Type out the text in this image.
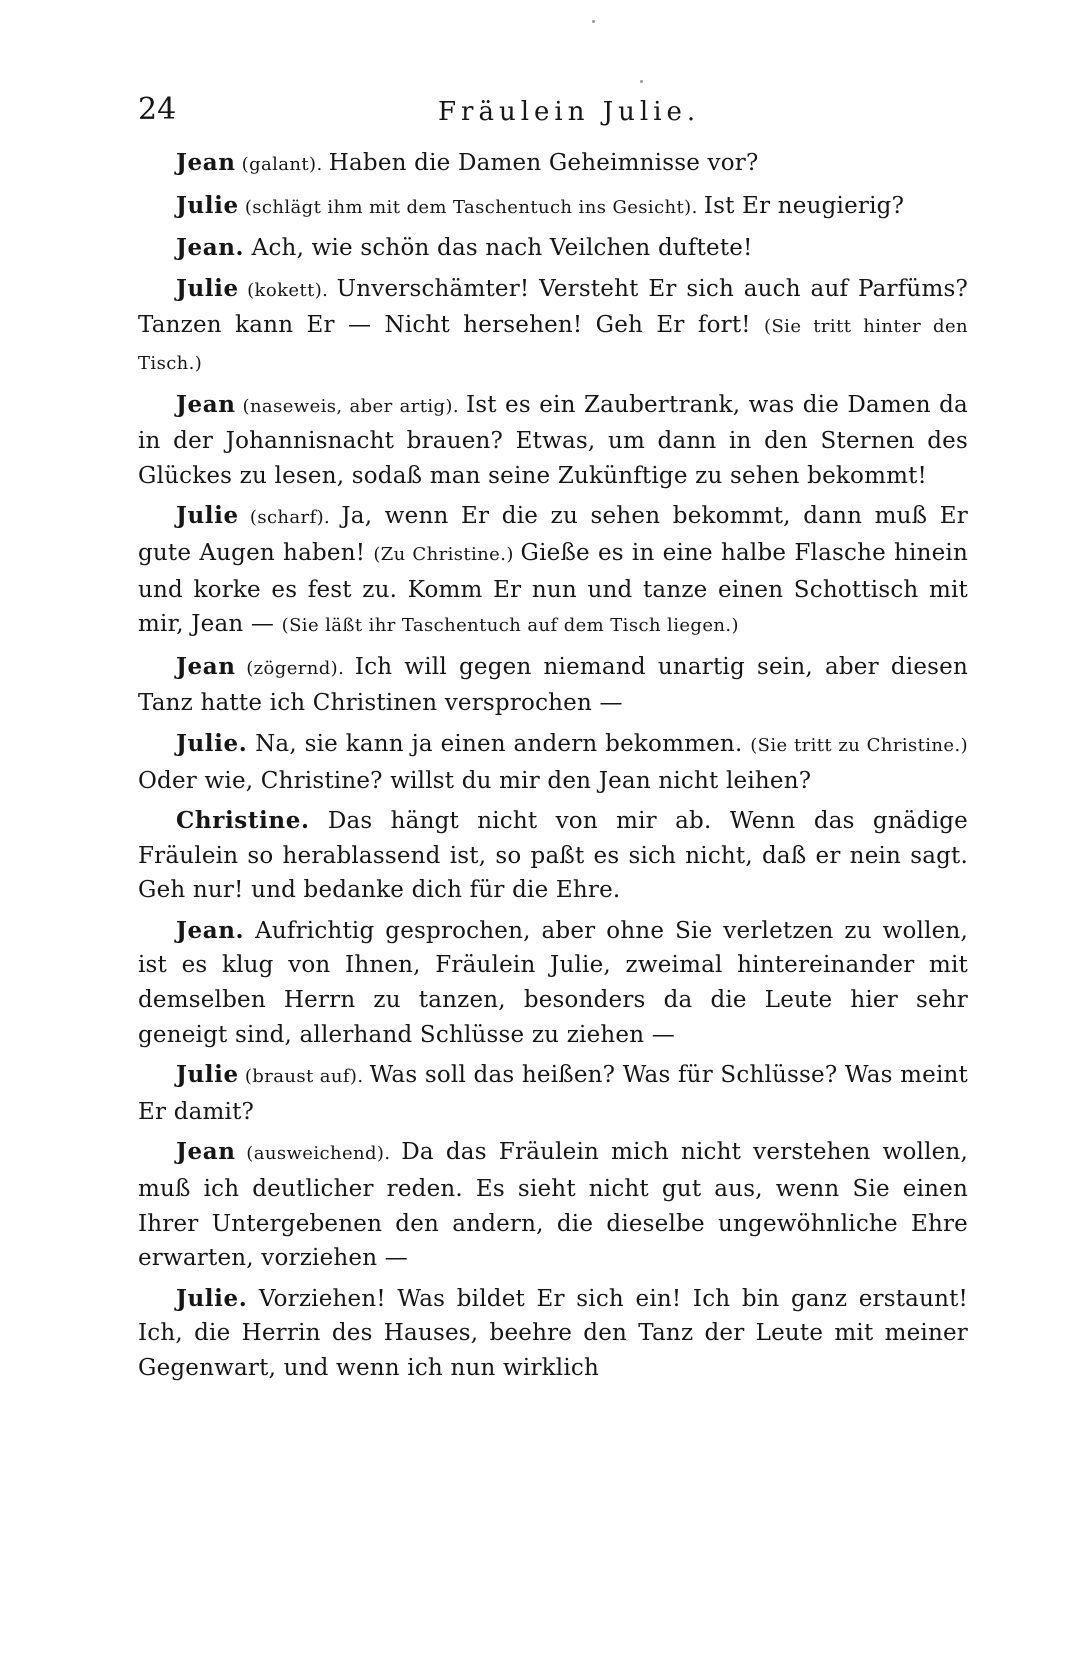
24	Fräulein Julie.

Jean (galant). Haben die Damen Geheimnisse vor?

Julie (schlägt ihm mit dem Taschentuch ins Gesicht). Ist Er neugierig?

Jean. Ach, wie schön das nach Veilchen duftete!

Julie (kokett). Unverschämter! Versteht Er sich auch auf Parfüms? Tanzen kann Er — Nicht hersehen! Geh Er fort! (Sie tritt hinter den Tisch.)

Jean (naseweis, aber artig). Ist es ein Zaubertrank, was die Damen da in der Johannisnacht brauen? Etwas, um dann in den Sternen des Glückes zu lesen, sodaß man seine Zukünftige zu sehen bekommt!

Julie (scharf). Ja, wenn Er die zu sehen bekommt, dann muß Er gute Augen haben! (Zu Christine.) Gieße es in eine halbe Flasche hinein und korke es fest zu. Komm Er nun und tanze einen Schottisch mit mir, Jean — (Sie läßt ihr Taschentuch auf dem Tisch liegen.)

Jean (zögernd). Ich will gegen niemand unartig sein, aber diesen Tanz hatte ich Christinen versprochen —

Julie. Na, sie kann ja einen andern bekommen. (Sie tritt zu Christine.) Oder wie, Christine? willst du mir den Jean nicht leihen?

Christine. Das hängt nicht von mir ab. Wenn das gnädige Fräulein so herablassend ist, so paßt es sich nicht, daß er nein sagt. Geh nur! und bedanke dich für die Ehre.

Jean. Aufrichtig gesprochen, aber ohne Sie verletzen zu wollen, ist es klug von Ihnen, Fräulein Julie, zweimal hintereinander mit demselben Herrn zu tanzen, besonders da die Leute hier sehr geneigt sind, allerhand Schlüsse zu ziehen —

Julie (braust auf). Was soll das heißen? Was für Schlüsse? Was meint Er damit?

Jean (ausweichend). Da das Fräulein mich nicht verstehen wollen, muß ich deutlicher reden. Es sieht nicht gut aus, wenn Sie einen Ihrer Untergebenen den andern, die dieselbe ungewöhnliche Ehre erwarten, vorziehen —

Julie. Vorziehen! Was bildet Er sich ein! Ich bin ganz erstaunt! Ich, die Herrin des Hauses, beehre den Tanz der Leute mit meiner Gegenwart, und wenn ich nun wirklich
